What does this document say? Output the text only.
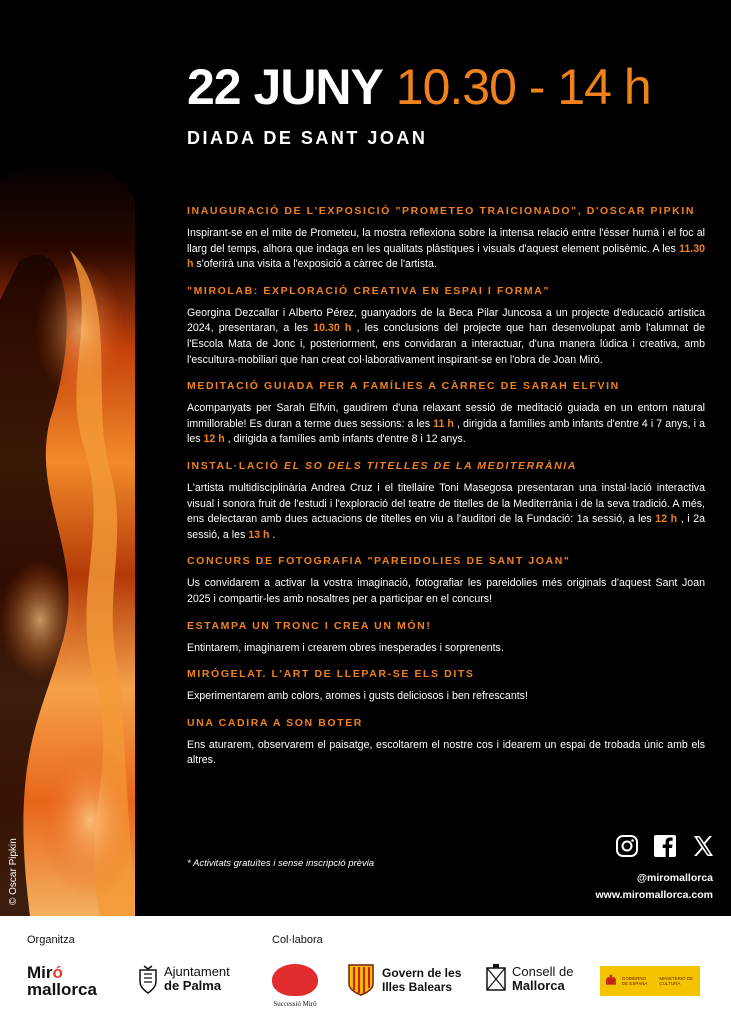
© Oscar Pipkin
22 JUNY 10.30 - 14 h
DIADA DE SANT JOAN
INAUGURACIÓ DE L'EXPOSICIÓ "PROMETEO TRAICIONADO", D'OSCAR PIPKIN

Inspirant-se en el mite de Prometeu, la mostra reflexiona sobre la intensa relació entre l'ésser humà i el foc al llarg del temps, alhora que indaga en les qualitats plàstiques i visuals d'aquest element polisèmic. A les 11.30 h s'oferirà una visita a l'exposició a càrrec de l'artista.

"MIROLAB: EXPLORACIÓ CREATIVA EN ESPAI I FORMA"

Georgina Dezcallar i Alberto Pérez, guanyadors de la Beca Pilar Juncosa a un projecte d'educació artística 2024, presentaran, a les 10.30 h , les conclusions del projecte que han desenvolupat amb l'alumnat de l'Escola Mata de Jonc i, posteriorment, ens convidaran a interactuar, d'una manera lúdica i creativa, amb l'escultura-mobiliari que han creat col·laborativament inspirant-se en l'obra de Joan Miró.

MEDITACIÓ GUIADA PER A FAMÍLIES A CÀRREC DE SARAH ELFVIN

Acompanyats per Sarah Elfvin, gaudirem d'una relaxant sessió de meditació guiada en un entorn natural immillorable! Es duran a terme dues sessions: a les 11 h , dirigida a famílies amb infants d'entre 4 i 7 anys, i a les 12 h , dirigida a famílies amb infants d'entre 8 i 12 anys.

INSTAL·LACIÓ EL SO DELS TITELLES DE LA MEDITERRÀNIA

L'artista multidisciplinària Andrea Cruz i el titellaire Toni Masegosa presentaran una instal·lació interactiva visual i sonora fruit de l'estudi i l'exploració del teatre de titelles de la Mediterrània i de la seva tradició. A més, ens delectaran amb dues actuacions de titelles en viu a l'auditori de la Fundació: 1a sessió, a les 12 h , i 2a sessió, a les 13 h .

CONCURS DE FOTOGRAFIA "PAREIDOLIES DE SANT JOAN"

Us convidarem a activar la vostra imaginació, fotografiar les pareidolies més originals d'aquest Sant Joan 2025 i compartir-les amb nosaltres per a participar en el concurs!

ESTAMPA UN TRONC I CREA UN MÓN!

Entintarem, imaginarem i crearem obres inesperades i sorprenents.

MIRÓGELAT. L'ART DE LLEPAR-SE ELS DITS

Experimentarem amb colors, aromes i gusts deliciosos i ben refrescants!

UNA CADIRA A SON BOTER

Ens aturarem, observarem el paisatge, escoltarem el nostre cos i idearem un espai de trobada únic amb els altres.

* Activitats gratuïtes i sense inscripció prèvia
@miromallorca
www.miromallorca.com
Organitza	Col·labora
Miró
mallorca
Ajuntament
de Palma
Successió Miró
Govern de les
Illes Balears
Consell de
Mallorca	GOBIERNO DE ESPAÑA
MINISTERIO DE CULTURA
